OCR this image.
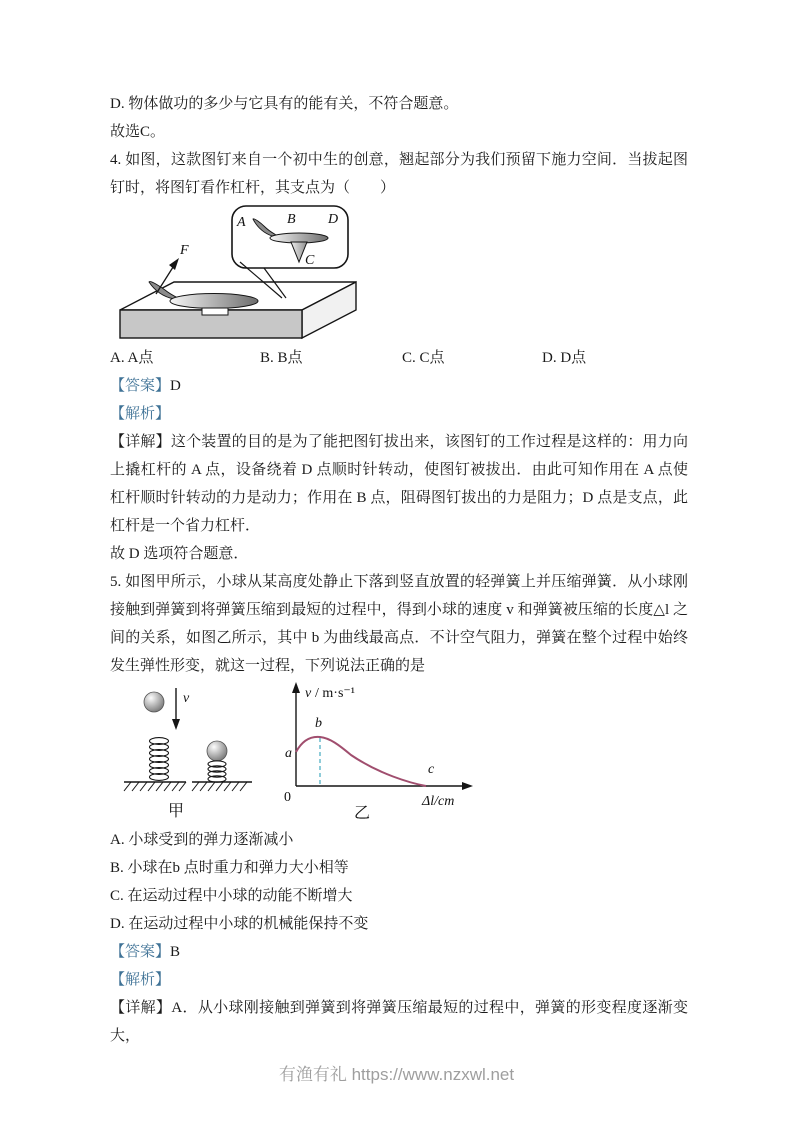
D. 物体做功的多少与它具有的能有关，不符合题意。

故选C。

4. 如图，这款图钉来自一个初中生的创意，翘起部分为我们预留下施力空间．当拔起图钉时，将图钉看作杠杆，其支点为（　　）

F
A	B D
C
A. A点	B. B点	C. C点	D. D点

【答案】D

【解析】

【详解】这个装置的目的是为了能把图钉拔出来，该图钉的工作过程是这样的：用力向上撬杠杆的 A 点，设备绕着 D 点顺时针转动，使图钉被拔出．由此可知作用在 A 点使杠杆顺时针转动的力是动力；作用在 B 点，阻碍图钉拔出的力是阻力；D 点是支点，此杠杆是一个省力杠杆．

故 D 选项符合题意．

5. 如图甲所示，小球从某高度处静止下落到竖直放置的轻弹簧上并压缩弹簧．从小球刚接触到弹簧到将弹簧压缩到最短的过程中，得到小球的速度 v 和弹簧被压缩的长度△l 之间的关系，如图乙所示，其中 b 为曲线最高点．不计空气阻力，弹簧在整个过程中始终发生弹性形变，就这一过程，下列说法正确的是

v
甲
a
b
c
0
v / m·s⁻¹
Δl/cm
乙

A. 小球受到的弹力逐渐减小

B. 小球在b 点时重力和弹力大小相等

C. 在运动过程中小球的动能不断增大

D. 在运动过程中小球的机械能保持不变

【答案】B

【解析】

【详解】A．从小球刚接触到弹簧到将弹簧压缩最短的过程中，弹簧的形变程度逐渐变大，

有渔有礼 https://www.nzxwl.net
